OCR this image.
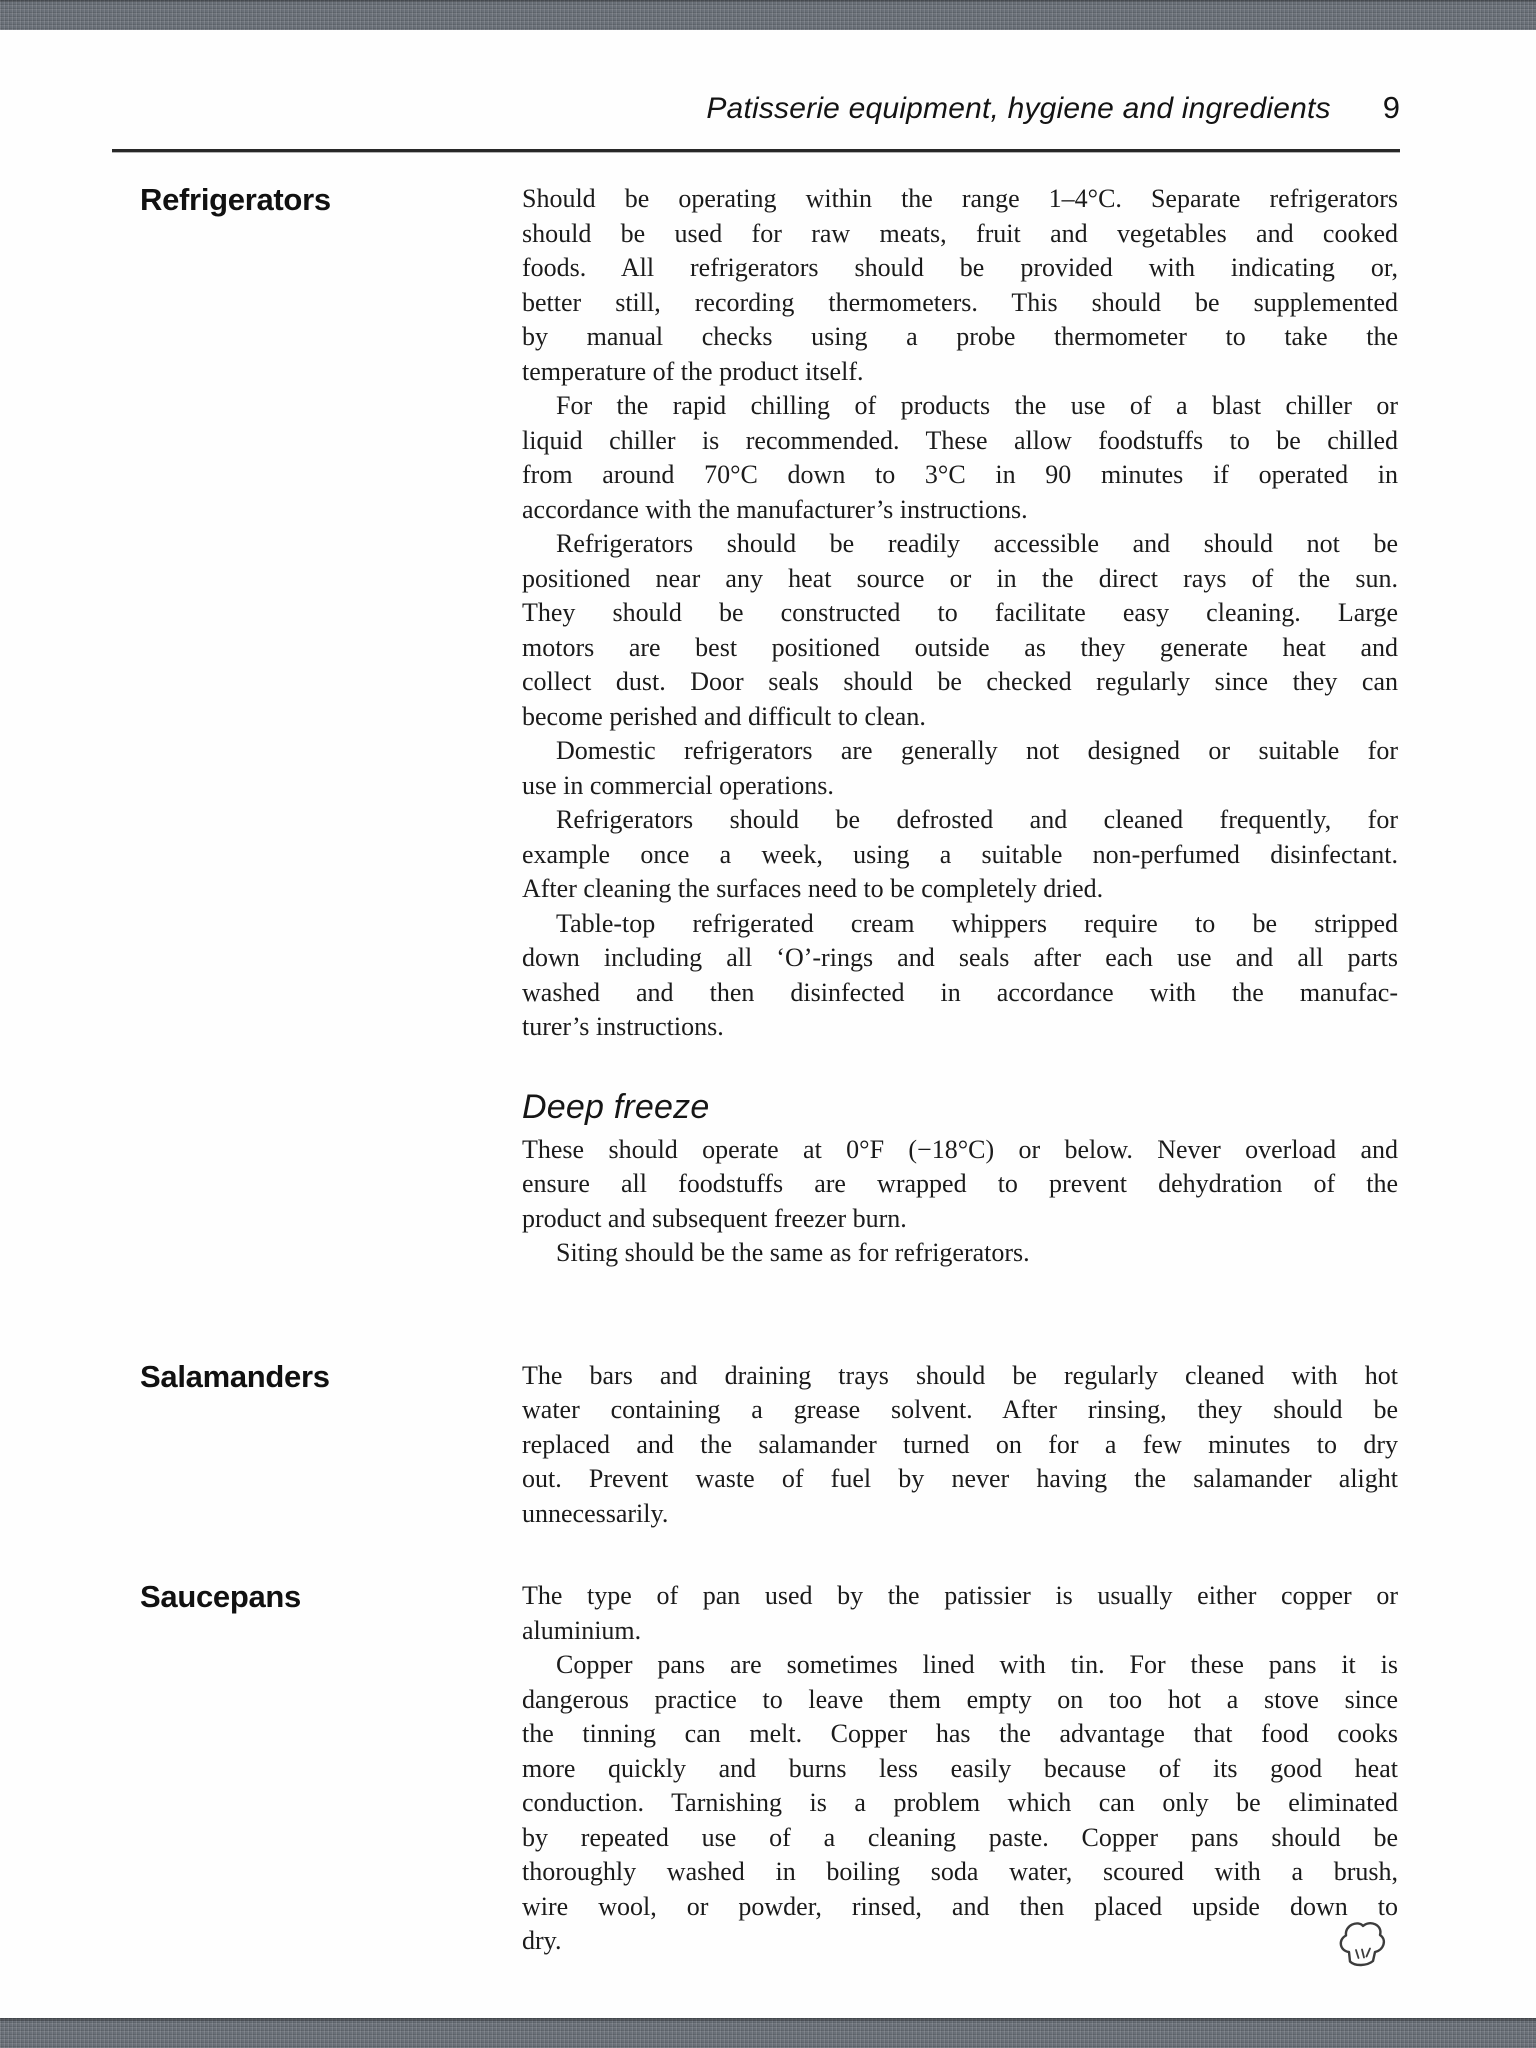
Patisserie equipment, hygiene and ingredients 9
Refrigerators	Should be operating within the range 1–4°C. Separate refrigerators
should be used for raw meats, fruit and vegetables and cooked
foods. All refrigerators should be provided with indicating or,
better still, recording thermometers. This should be supplemented
by manual checks using a probe thermometer to take the
temperature of the product itself.
For the rapid chilling of products the use of a blast chiller or
liquid chiller is recommended. These allow foodstuffs to be chilled
from around 70°C down to 3°C in 90 minutes if operated in
accordance with the manufacturer’s instructions.
Refrigerators should be readily accessible and should not be
positioned near any heat source or in the direct rays of the sun.
They should be constructed to facilitate easy cleaning. Large
motors are best positioned outside as they generate heat and
collect dust. Door seals should be checked regularly since they can
become perished and difficult to clean.
Domestic refrigerators are generally not designed or suitable for
use in commercial operations.
Refrigerators should be defrosted and cleaned frequently, for
example once a week, using a suitable non-perfumed disinfectant.
After cleaning the surfaces need to be completely dried.
Table-top refrigerated cream whippers require to be stripped
down including all ‘O’-rings and seals after each use and all parts
washed and then disinfected in accordance with the manufac-
turer’s instructions.
Deep freeze
These should operate at 0°F (−18°C) or below. Never overload and
ensure all foodstuffs are wrapped to prevent dehydration of the
product and subsequent freezer burn.
Siting should be the same as for refrigerators.
Salamanders	The bars and draining trays should be regularly cleaned with hot
water containing a grease solvent. After rinsing, they should be
replaced and the salamander turned on for a few minutes to dry
out. Prevent waste of fuel by never having the salamander alight
unnecessarily.
Saucepans	The type of pan used by the patissier is usually either copper or
aluminium.
Copper pans are sometimes lined with tin. For these pans it is
dangerous practice to leave them empty on too hot a stove since
the tinning can melt. Copper has the advantage that food cooks
more quickly and burns less easily because of its good heat
conduction. Tarnishing is a problem which can only be eliminated
by repeated use of a cleaning paste. Copper pans should be
thoroughly washed in boiling soda water, scoured with a brush,
wire wool, or powder, rinsed, and then placed upside down to
dry.
